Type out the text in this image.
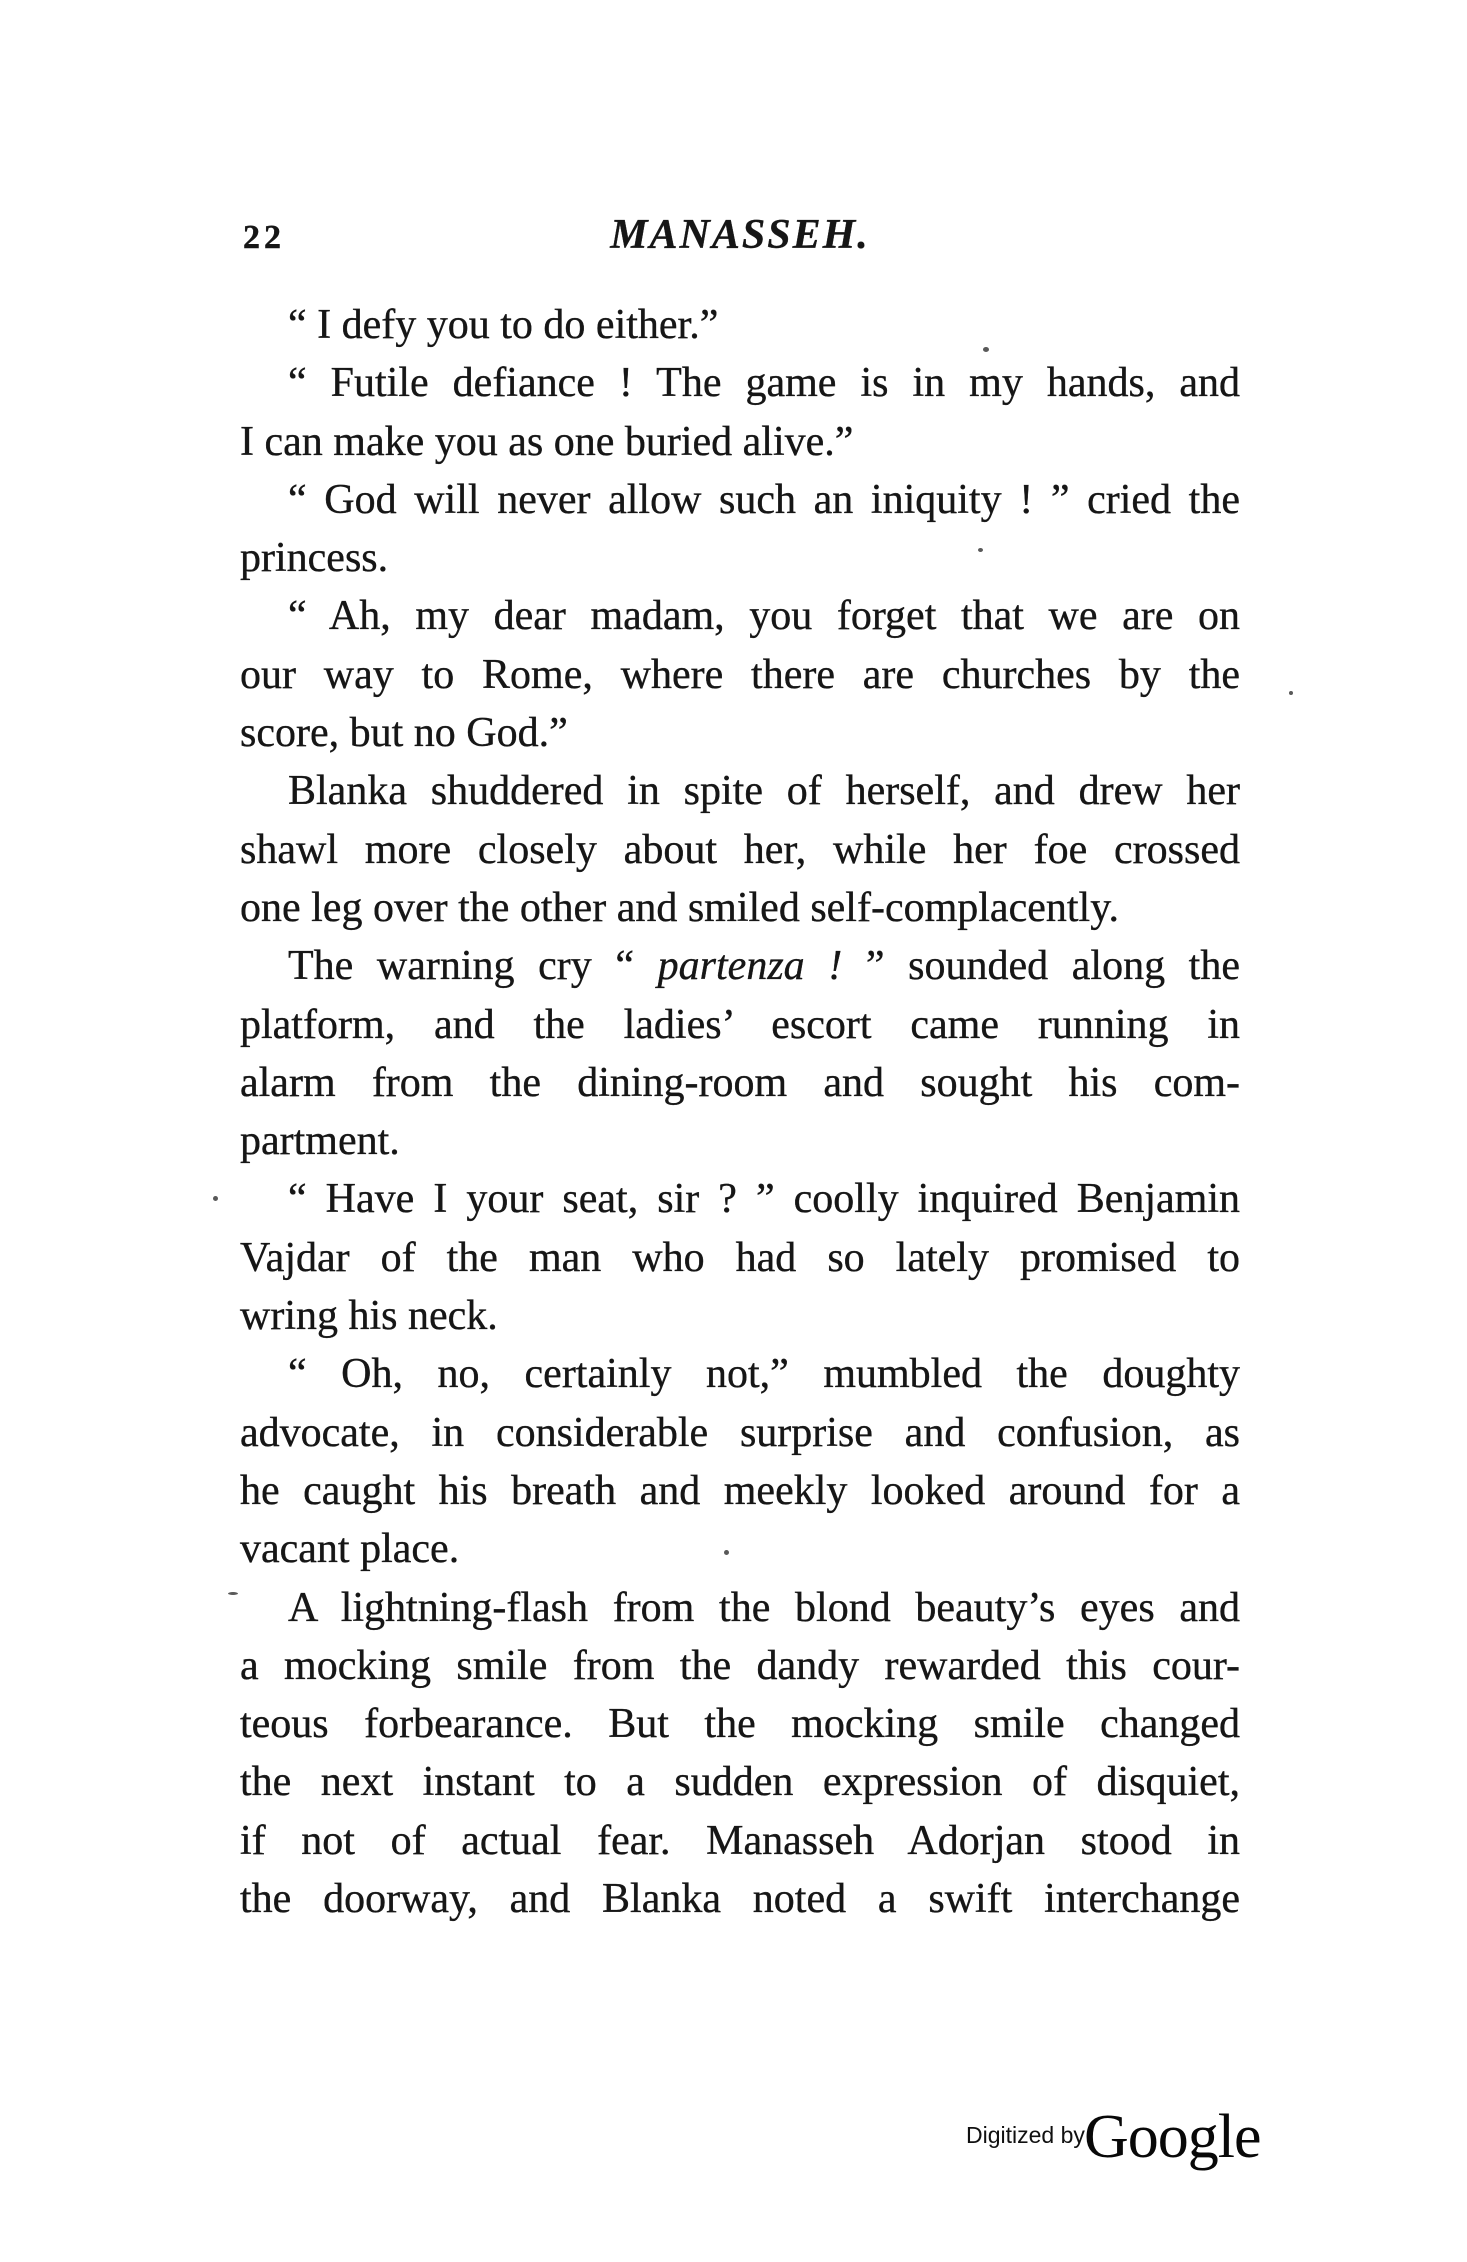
22	MANASSEH.
“ I defy you to do either.”
“ Futile defiance ! The game is in my hands, and
I can make you as one buried alive.”
“ God will never allow such an iniquity ! ” cried the
princess.
“ Ah, my dear madam, you forget that we are on
our way to Rome, where there are churches by the
score, but no God.”
Blanka shuddered in spite of herself, and drew her
shawl more closely about her, while her foe crossed
one leg over the other and smiled self-complacently.
The warning cry “ partenza ! ” sounded along the
platform, and the ladies’ escort came running in
alarm from the dining-room and sought his com-
partment.
“ Have I your seat, sir ? ” coolly inquired Benjamin
Vajdar of the man who had so lately promised to
wring his neck.
“ Oh, no, certainly not,” mumbled the doughty
advocate, in considerable surprise and confusion, as
he caught his breath and meekly looked around for a
vacant place.
A lightning-flash from the blond beauty’s eyes and
a mocking smile from the dandy rewarded this cour-
teous forbearance. But the mocking smile changed
the next instant to a sudden expression of disquiet,
if not of actual fear. Manasseh Adorjan stood in
the doorway, and Blanka noted a swift interchange
Digitized by Google
